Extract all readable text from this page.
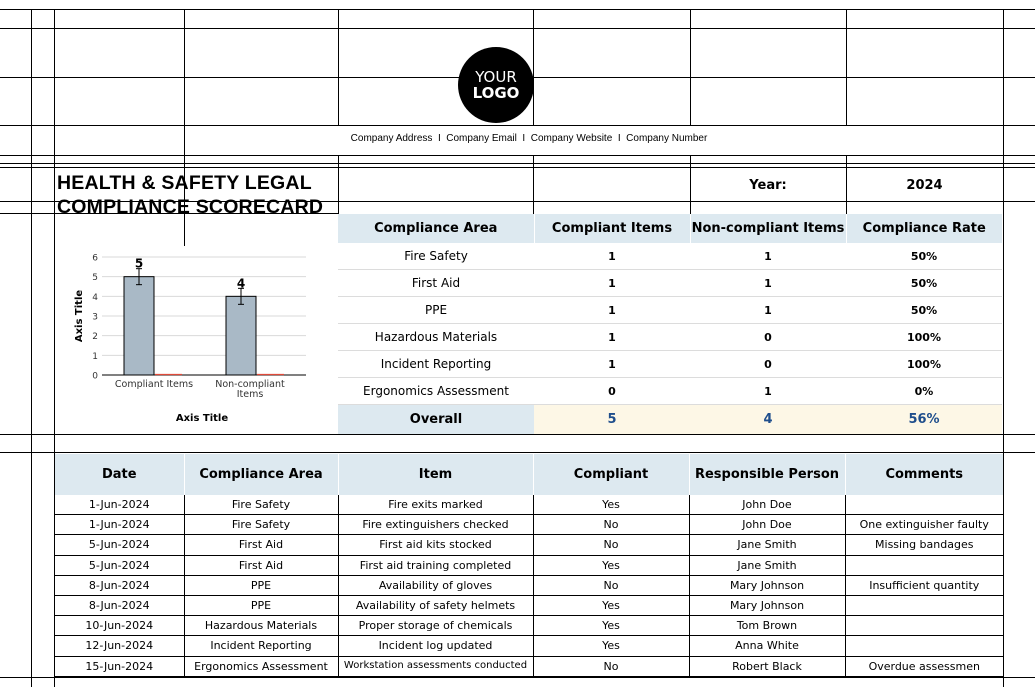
YOUR
LOGO
Company Address  I  Company Email  I  Company Website  I  Company Number
HEALTH & SAFETY LEGAL COMPLIANCE SCORECARD
Year:	2024
Compliance Area	Compliant Items	Non-compliant Items	Compliance Rate
Fire Safety	1	1	50%
First Aid	1	1	50%
PPE	1	1	50%
Hazardous Materials	1	0	100%
Incident Reporting	1	0	100%
Ergonomics Assessment	0	1	0%
Overall	5	4	56%
0
1
2
3
4
5
6	5
4
Compliant Items Non-compliant Items
Axis Title
Axis Title
Date	Compliance Area	Item	Compliant	Responsible Person	Comments
1-Jun-2024	Fire Safety	Fire exits marked	Yes	John Doe	
1-Jun-2024	Fire Safety	Fire extinguishers checked	No	John Doe	One extinguisher faulty
5-Jun-2024	First Aid	First aid kits stocked	No	Jane Smith	Missing bandages
5-Jun-2024	First Aid	First aid training completed	Yes	Jane Smith	
8-Jun-2024	PPE	Availability of gloves	No	Mary Johnson	Insufficient quantity
8-Jun-2024	PPE	Availability of safety helmets	Yes	Mary Johnson	
10-Jun-2024	Hazardous Materials	Proper storage of chemicals	Yes	Tom Brown	
12-Jun-2024	Incident Reporting	Incident log updated	Yes	Anna White	
15-Jun-2024	Ergonomics Assessment	Workstation assessments conducted	No	Robert Black	Overdue assessmen
